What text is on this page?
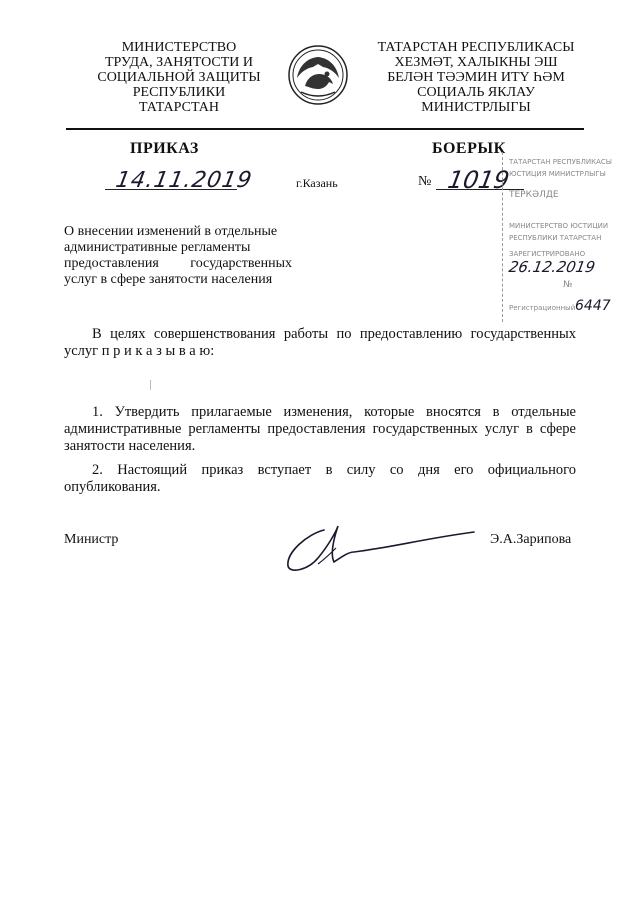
МИНИСТЕРСТВО
ТРУДА, ЗАНЯТОСТИ И
СОЦИАЛЬНОЙ ЗАЩИТЫ
РЕСПУБЛИКИ
ТАТАРСТАН
ТАТАРСТАН РЕСПУБЛИКАСЫ
ХЕЗМӘТ, ХАЛЫКНЫ ЭШ
БЕЛӘН ТӘЭМИН ИТҮ ҺӘМ
СОЦИАЛЬ ЯКЛАУ
МИНИСТРЛЫГЫ
ПРИКАЗ	БОЕРЫК
14.11.2019	г.Казань	№ 1019
ТАТАРСТАН РЕСПУБЛИКАСЫ
ЮСТИЦИЯ МИНИСТРЛЫГЫ
ТЕРКӘЛДЕ
МИНИСТЕРСТВО ЮСТИЦИИ
РЕСПУБЛИКИ ТАТАРСТАН
ЗАРЕГИСТРИРОВАНО
26.12.2019
№
Регистрационный 6447
О внесении изменений в отдельные
административные регламенты
предоставления государственных
услуг в сфере занятости населения
В целях совершенствования работы по предоставлению государственных услуг п р и к а з ы в а ю:
1. Утвердить прилагаемые изменения, которые вносятся в отдельные административные регламенты предоставления государственных услуг в сфере занятости населения.
2. Настоящий приказ вступает в силу со дня его официального опубликования.
Министр	Э.А.Зарипова
